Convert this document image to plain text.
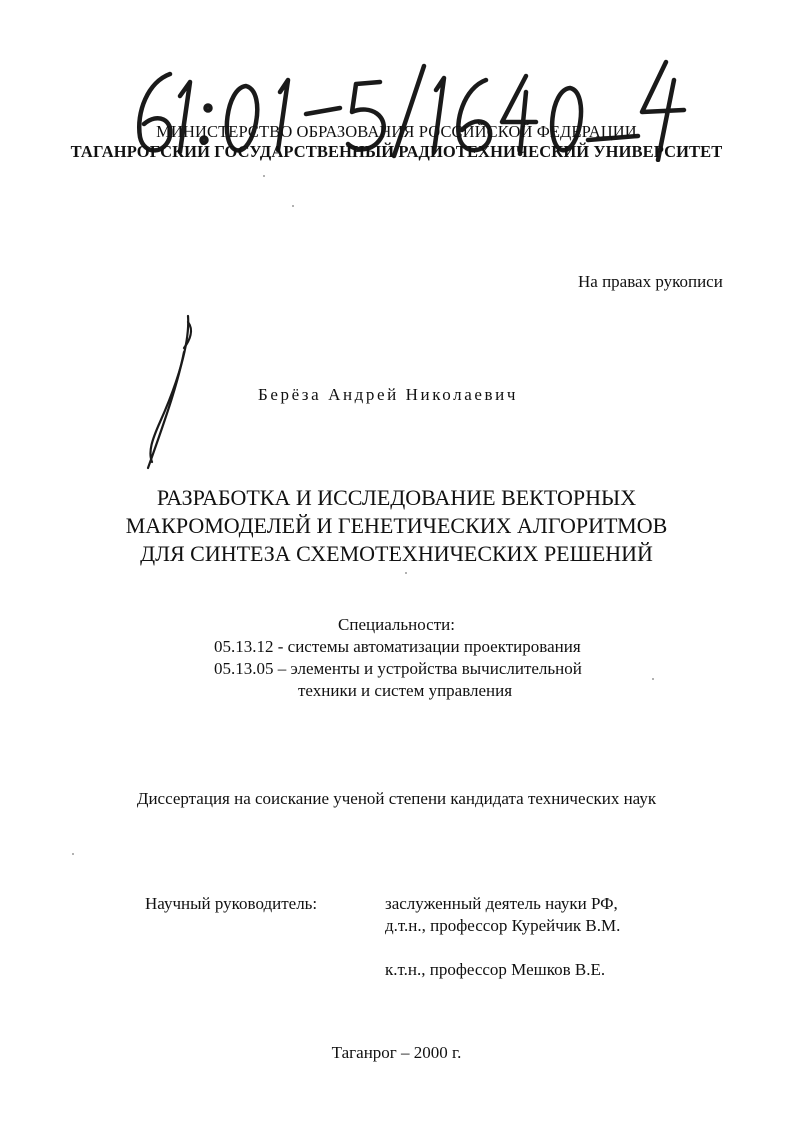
МИНИСТЕРСТВО ОБРАЗОВАНИЯ РОССИЙСКОЙ ФЕДЕРАЦИИ
ТАГАНРОГСКИЙ ГОСУДАРСТВЕННЫЙ РАДИОТЕХНИЧЕСКИЙ УНИВЕРСИТЕТ
На правах рукописи
Берёза Андрей Николаевич
РАЗРАБОТКА И ИССЛЕДОВАНИЕ ВЕКТОРНЫХ
МАКРОМОДЕЛЕЙ И ГЕНЕТИЧЕСКИХ АЛГОРИТМОВ
ДЛЯ СИНТЕЗА СХЕМОТЕХНИЧЕСКИХ РЕШЕНИЙ
Специальности:
05.13.12 - системы автоматизации проектирования
05.13.05 – элементы и устройства вычислительной
техники и систем управления
Диссертация на соискание ученой степени кандидата технических наук
Научный руководитель:	заслуженный деятель науки РФ,
д.т.н., профессор Курейчик В.М.
к.т.н., профессор Мешков В.Е.
Таганрог – 2000 г.
